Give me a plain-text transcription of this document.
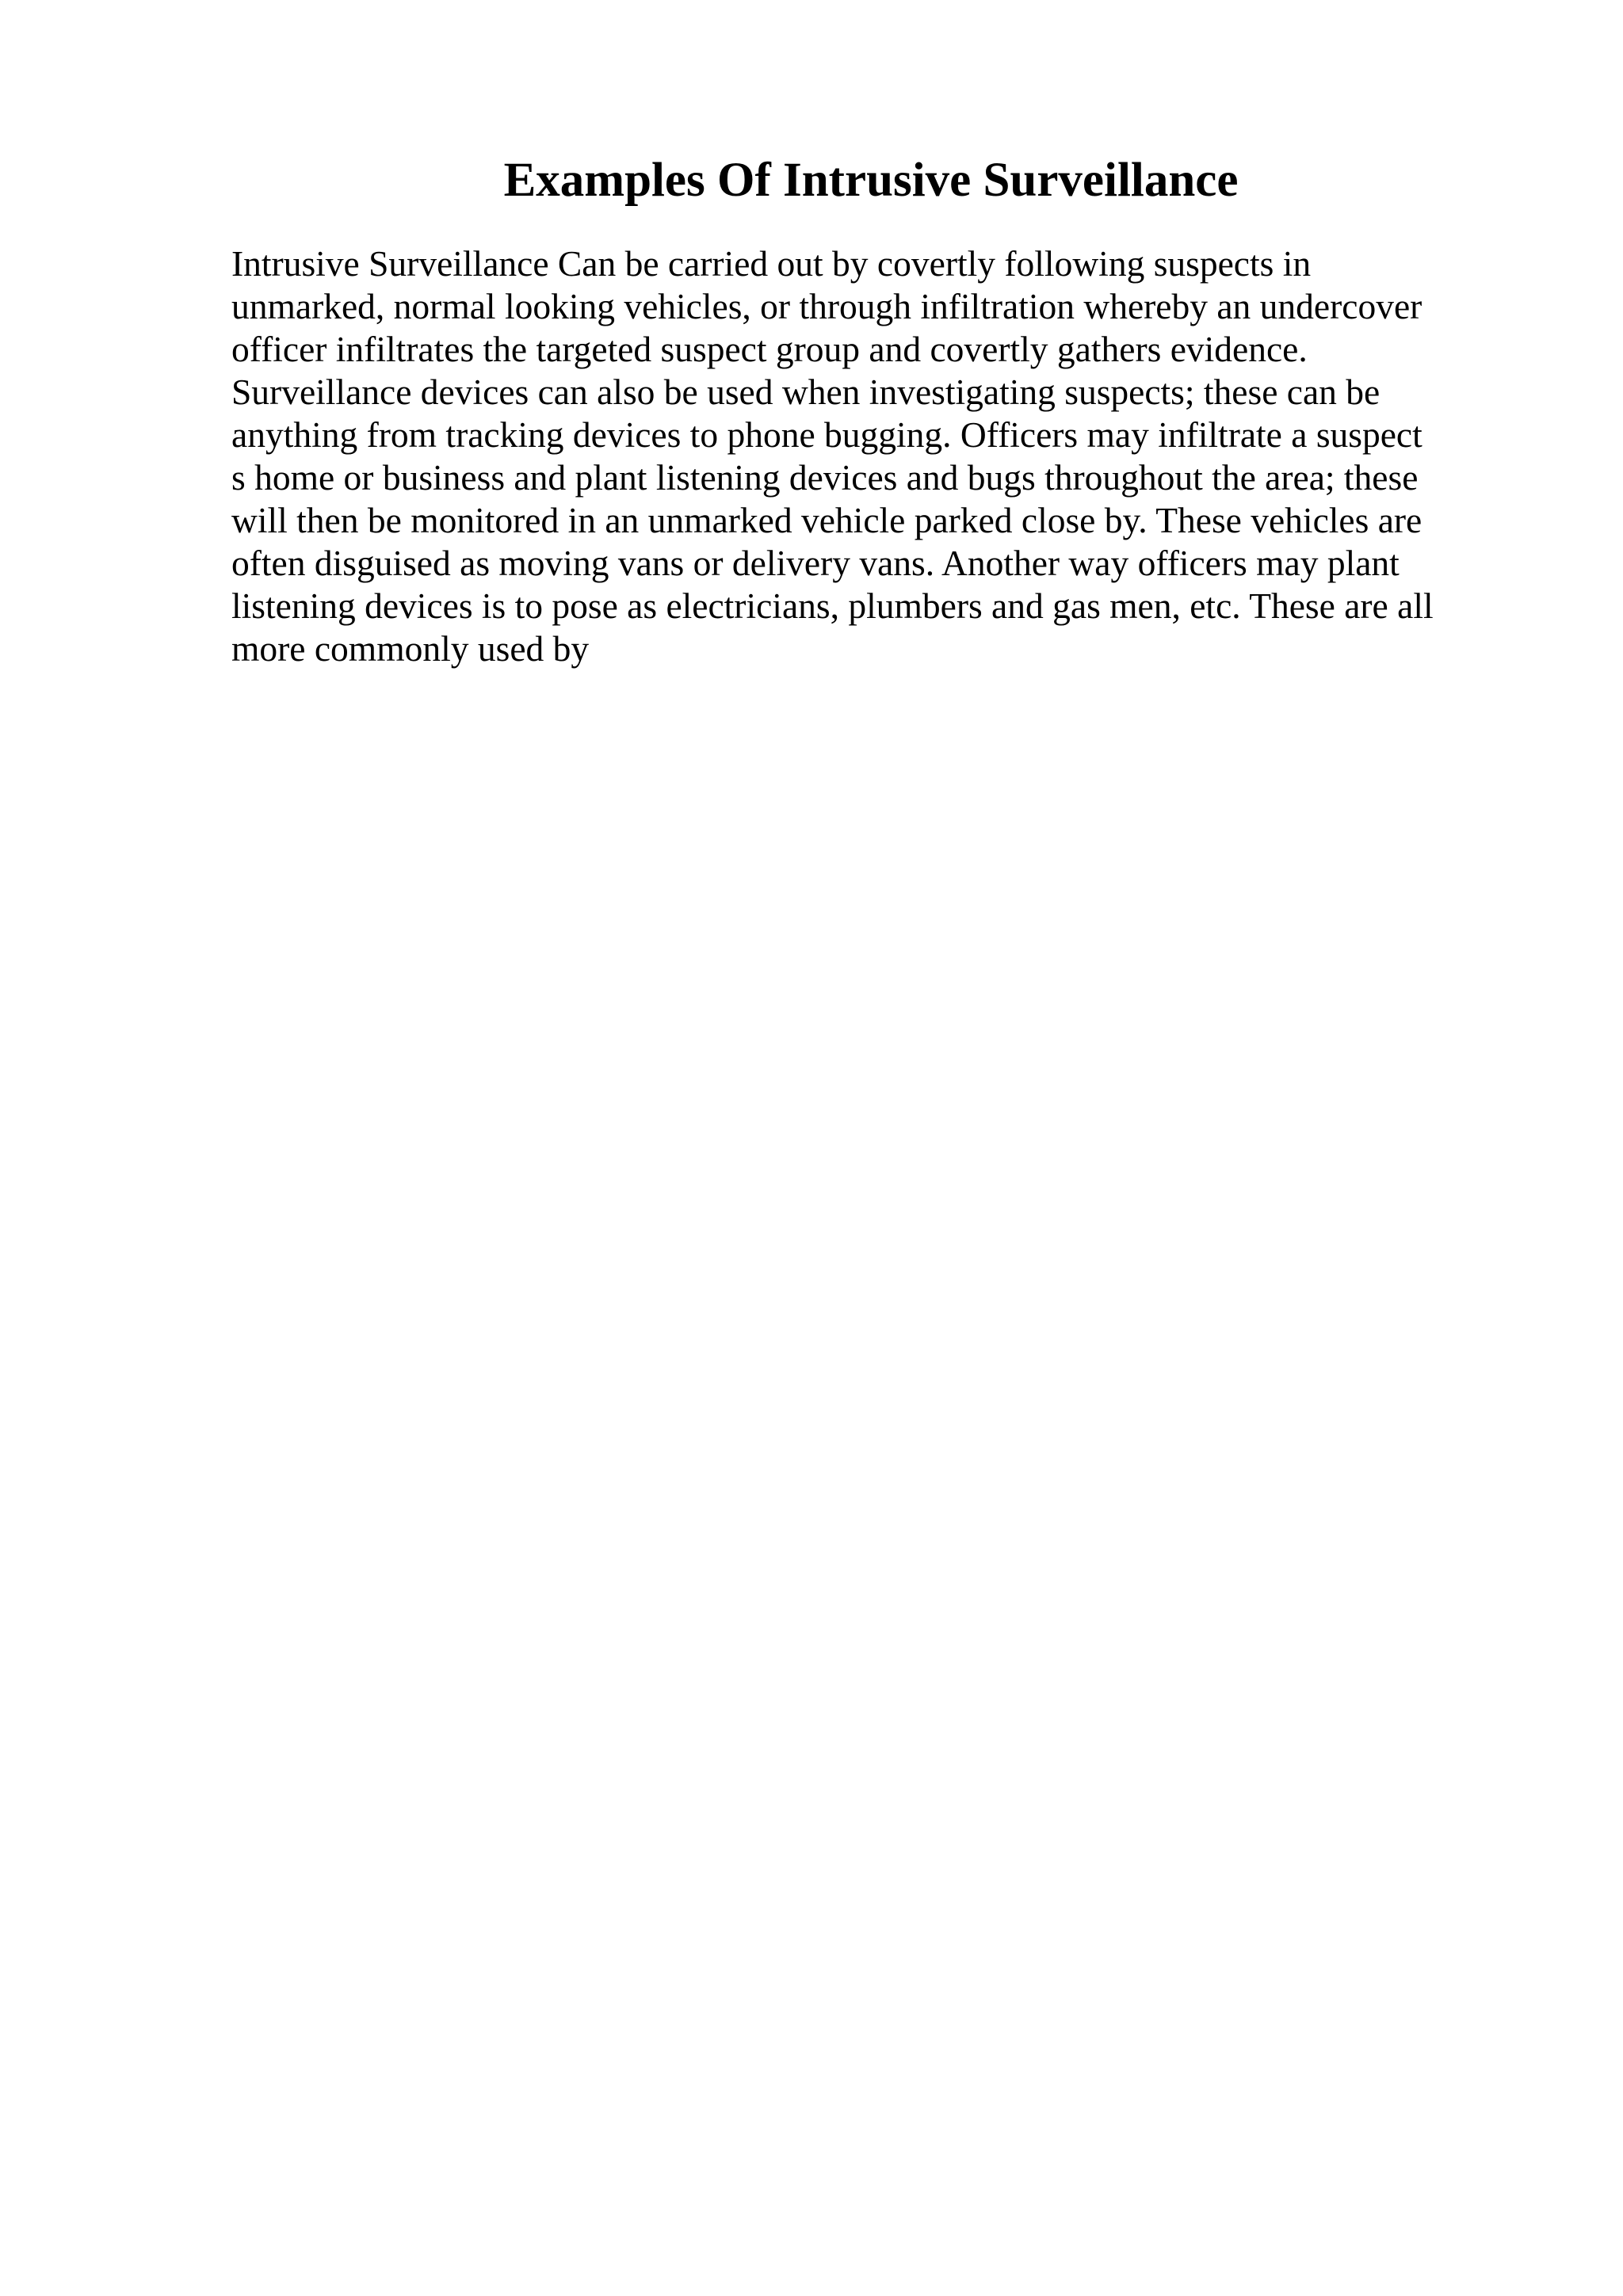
Examples Of Intrusive Surveillance
Intrusive Surveillance Can be carried out by covertly following suspects in
unmarked, normal looking vehicles, or through infiltration whereby an undercover
officer infiltrates the targeted suspect group and covertly gathers evidence.
Surveillance devices can also be used when investigating suspects; these can be
anything from tracking devices to phone bugging. Officers may infiltrate a suspect
s home or business and plant listening devices and bugs throughout the area; these
will then be monitored in an unmarked vehicle parked close by. These vehicles are
often disguised as moving vans or delivery vans. Another way officers may plant
listening devices is to pose as electricians, plumbers and gas men, etc. These are all
more commonly used by
